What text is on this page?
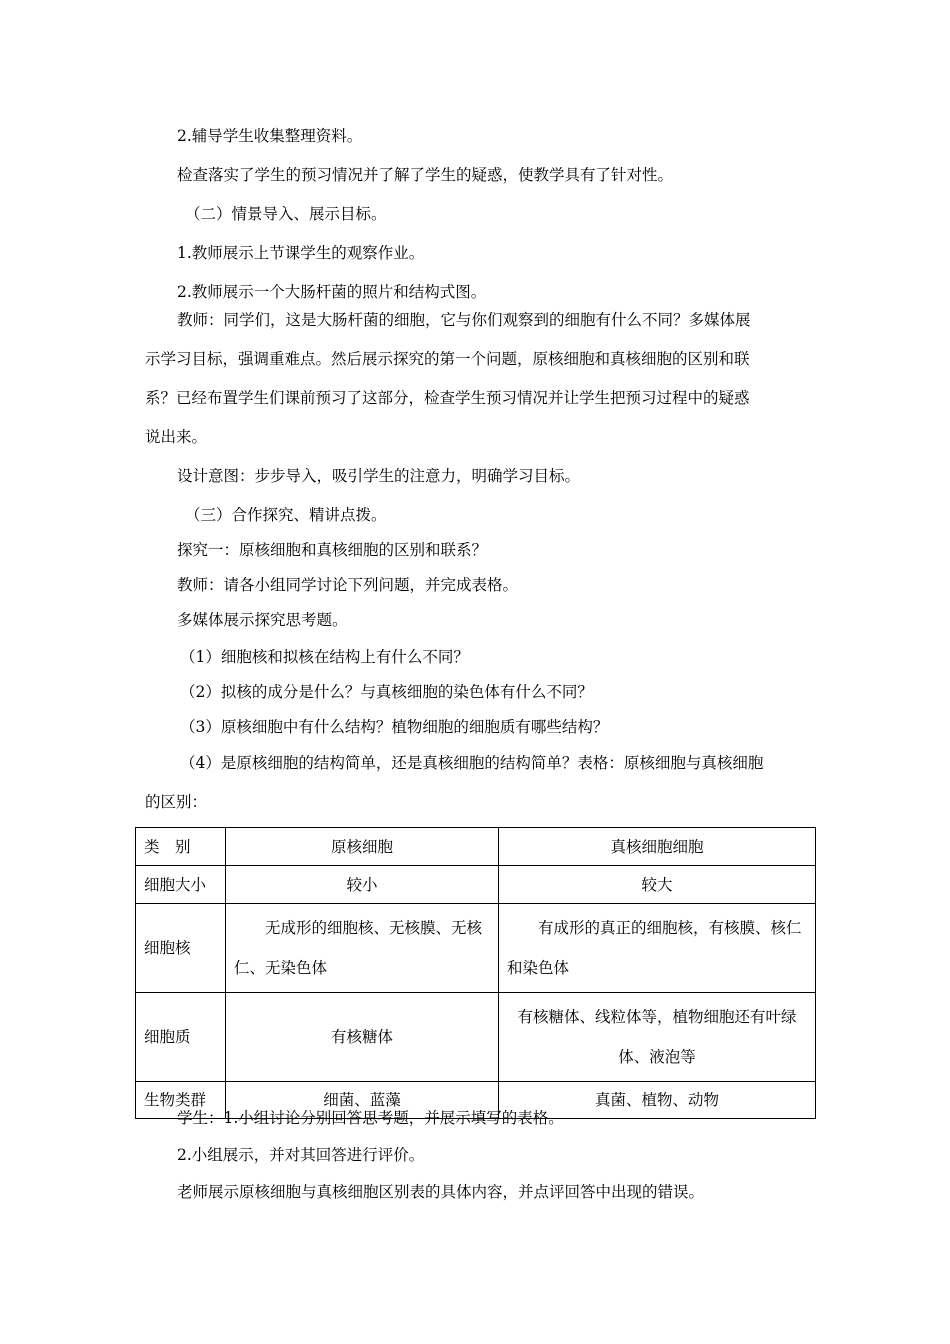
2.辅导学生收集整理资料。
检查落实了学生的预习情况并了解了学生的疑惑，使教学具有了针对性。
（二）情景导入、展示目标。
1.教师展示上节课学生的观察作业。
2.教师展示一个大肠杆菌的照片和结构式图。
教师：同学们，这是大肠杆菌的细胞，它与你们观察到的细胞有什么不同？多媒体展
示学习目标，强调重难点。然后展示探究的第一个问题，原核细胞和真核细胞的区别和联
系？已经布置学生们课前预习了这部分，检查学生预习情况并让学生把预习过程中的疑惑
说出来。
设计意图：步步导入，吸引学生的注意力，明确学习目标。
（三）合作探究、精讲点拨。
探究一：原核细胞和真核细胞的区别和联系？
教师：请各小组同学讨论下列问题，并完成表格。
多媒体展示探究思考题。
（1）细胞核和拟核在结构上有什么不同？
（2）拟核的成分是什么？与真核细胞的染色体有什么不同？
（3）原核细胞中有什么结构？植物细胞的细胞质有哪些结构？
（4）是原核细胞的结构简单，还是真核细胞的结构简单？表格：原核细胞与真核细胞
的区别：
类　别	原核细胞	真核细胞细胞
细胞大小	较小	较大
细胞核	无成形的细胞核、无核膜、无核仁、无染色体	有成形的真正的细胞核，有核膜、核仁和染色体
细胞质	有核糖体	有核糖体、线粒体等，植物细胞还有叶绿体、液泡等
生物类群	细菌、蓝藻	真菌、植物、动物
学生：1.小组讨论分别回答思考题，并展示填写的表格。
2.小组展示，并对其回答进行评价。
老师展示原核细胞与真核细胞区别表的具体内容，并点评回答中出现的错误。
